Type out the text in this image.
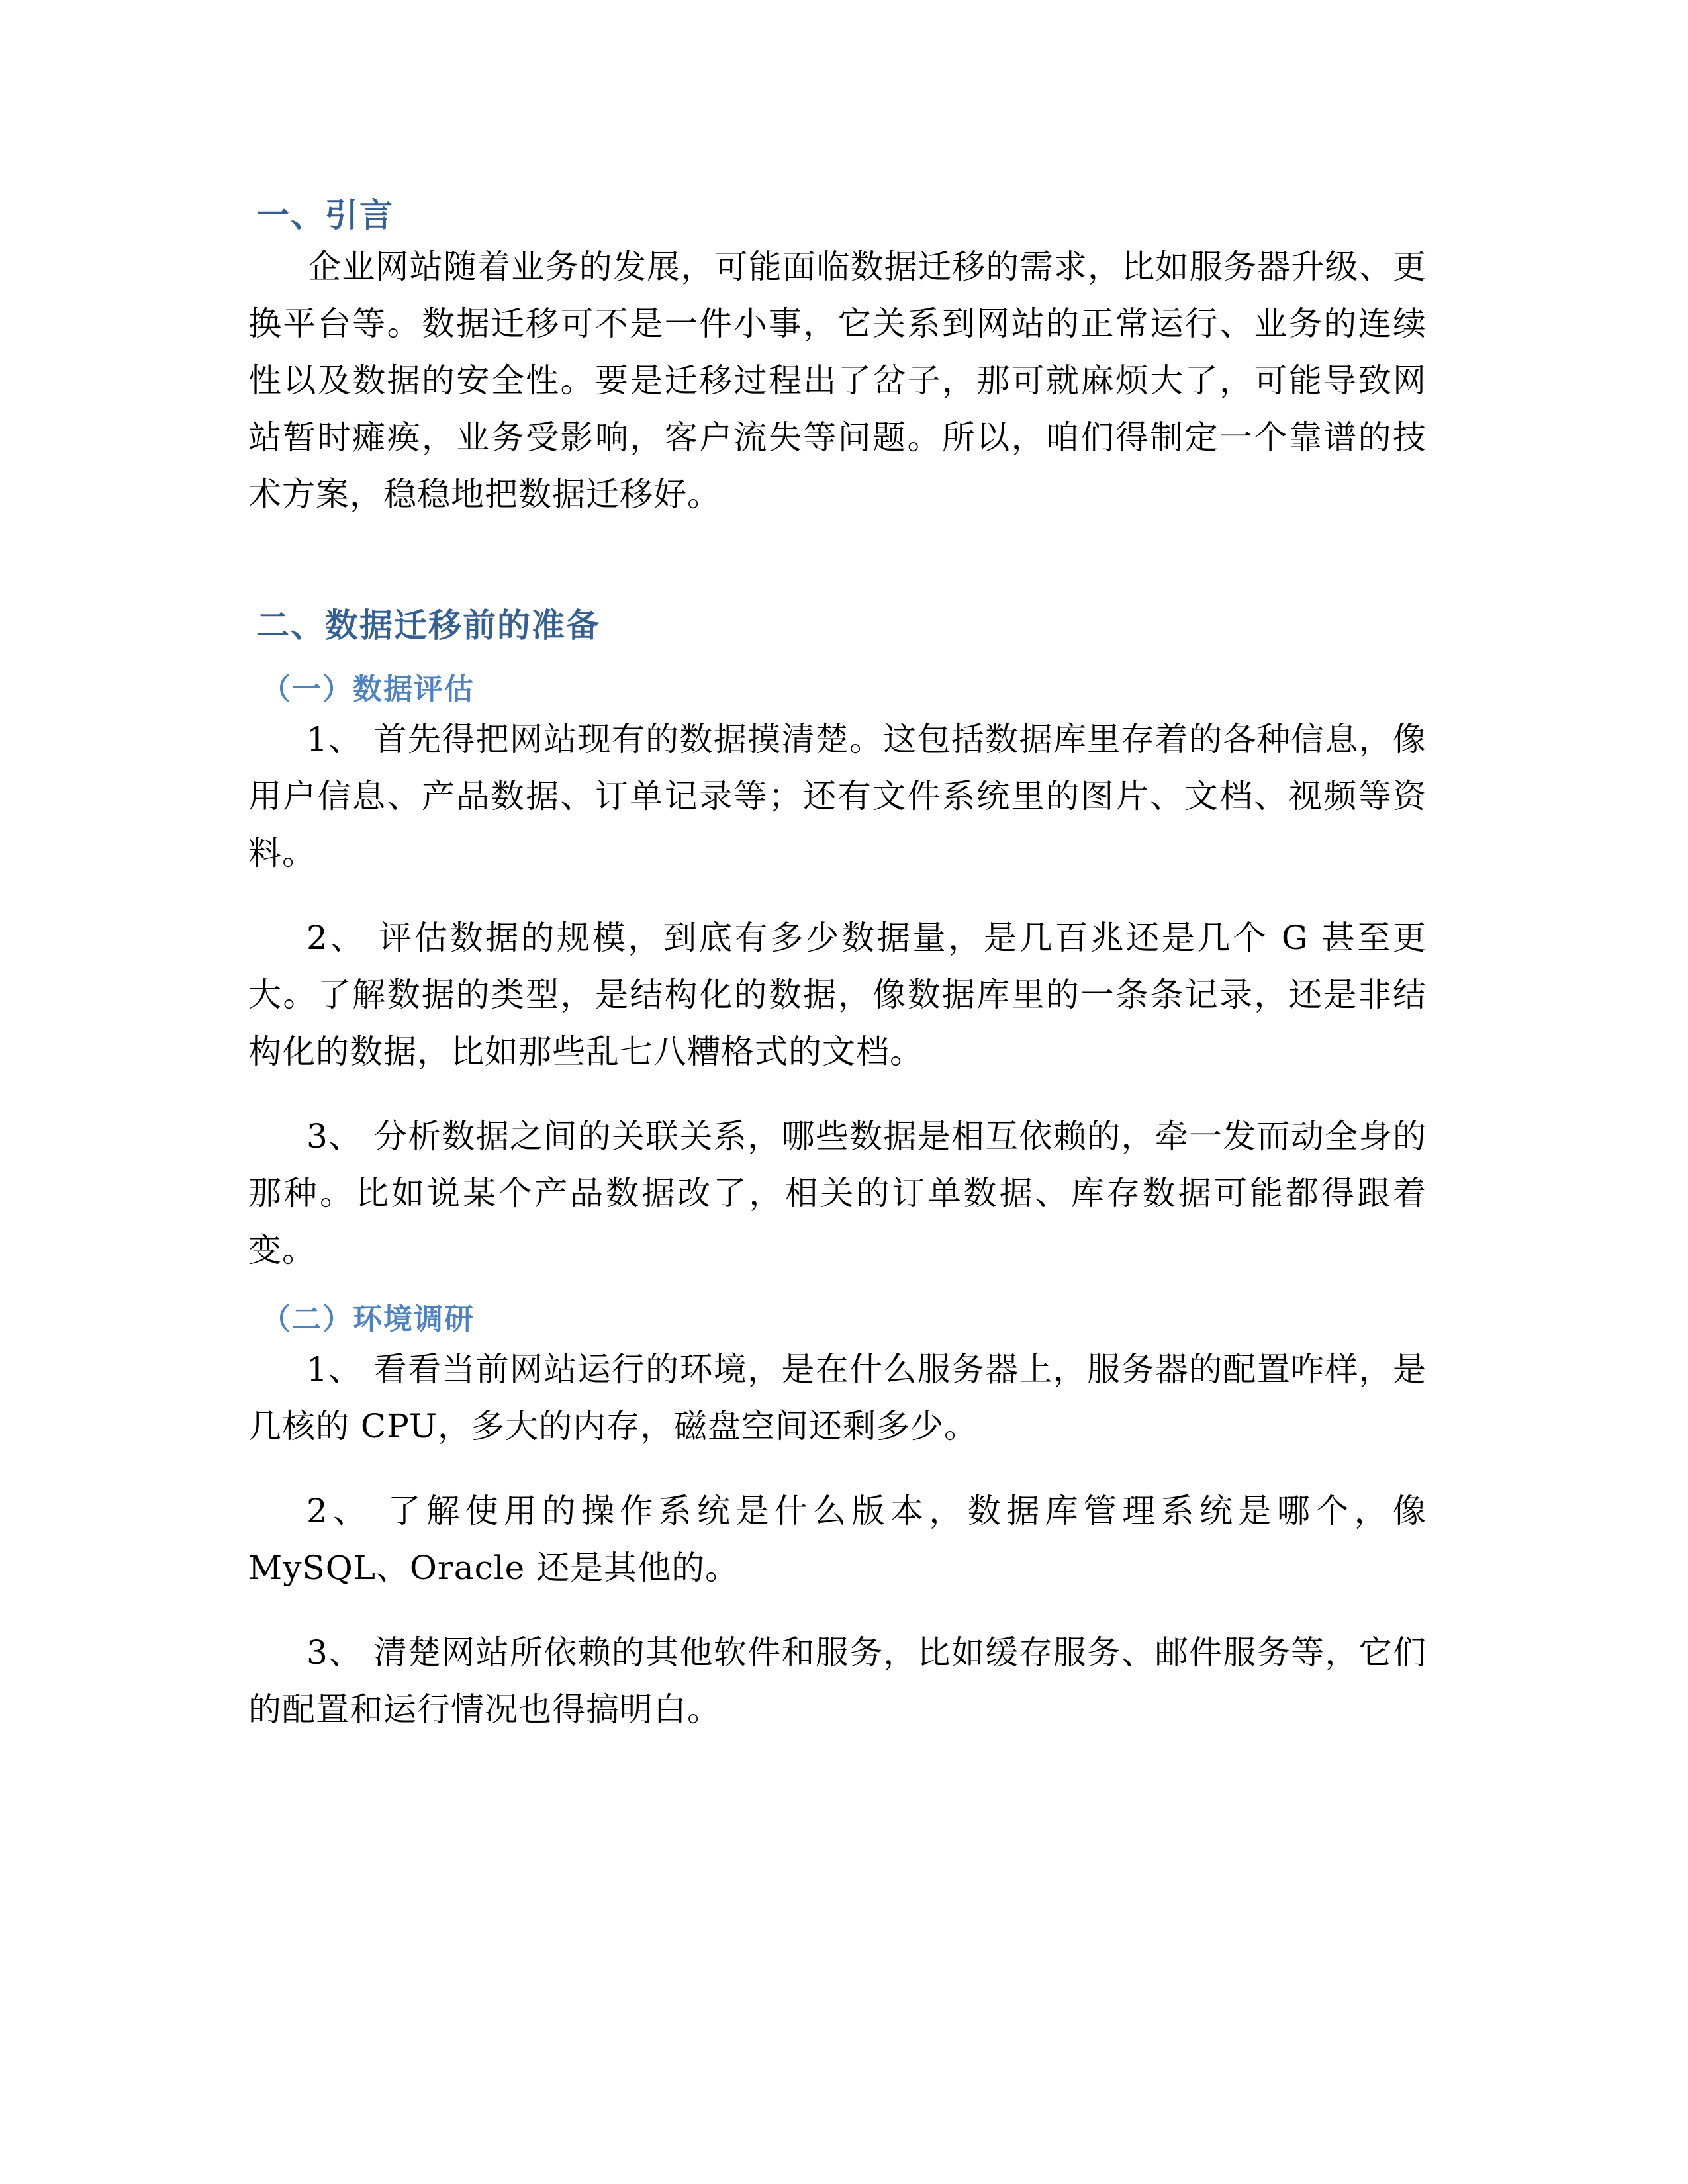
一、引言

企业网站随着业务的发展，可能面临数据迁移的需求，比如服务器升级、更换平台等。数据迁移可不是一件小事，它关系到网站的正常运行、业务的连续性以及数据的安全性。要是迁移过程出了岔子，那可就麻烦大了，可能导致网站暂时瘫痪，业务受影响，客户流失等问题。所以，咱们得制定一个靠谱的技术方案，稳稳地把数据迁移好。

二、数据迁移前的准备
（一）数据评估

1、 首先得把网站现有的数据摸清楚。这包括数据库里存着的各种信息，像用户信息、产品数据、订单记录等；还有文件系统里的图片、文档、视频等资料。

2、 评估数据的规模，到底有多少数据量，是几百兆还是几个 G 甚至更大。了解数据的类型，是结构化的数据，像数据库里的一条条记录，还是非结构化的数据，比如那些乱七八糟格式的文档。

3、 分析数据之间的关联关系，哪些数据是相互依赖的，牵一发而动全身的那种。比如说某个产品数据改了，相关的订单数据、库存数据可能都得跟着变。

（二）环境调研

1、 看看当前网站运行的环境，是在什么服务器上，服务器的配置咋样，是几核的 CPU，多大的内存，磁盘空间还剩多少。

2、 了解使用的操作系统是什么版本，数据库管理系统是哪个，像 MySQL、Oracle 还是其他的。

3、 清楚网站所依赖的其他软件和服务，比如缓存服务、邮件服务等，它们的配置和运行情况也得搞明白。
